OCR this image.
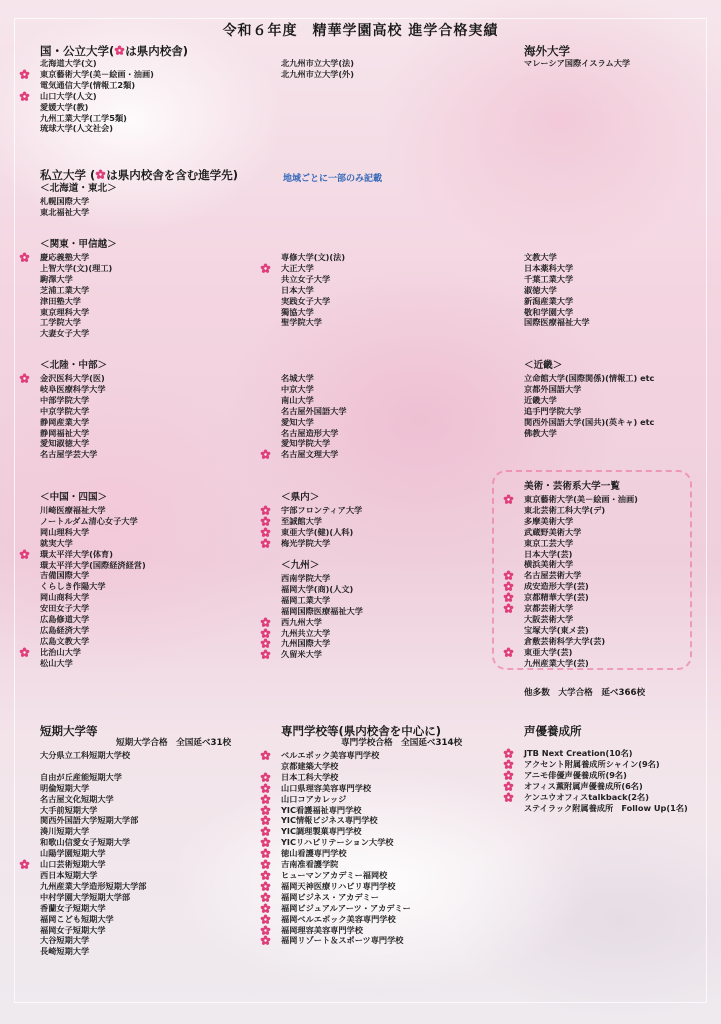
令和６年度　精華学園高校 進学合格実績
国・公立大学( は県内校舎)
北海道大学(文)
東京藝術大学(美－絵画・油画)
電気通信大学(情報工2類)
山口大学(人文)
愛媛大学(教)
九州工業大学(工学5類)
琉球大学(人文社会)
北九州市立大学(法)
北九州市立大学(外)
海外大学
マレーシア国際イスラム大学
私立大学 ( は県内校舎を含む進学先)	地域ごとに一部のみ記載
＜北海道・東北＞
札幌国際大学
東北福祉大学
＜関東・甲信越＞
慶応義塾大学
上智大学(文)(理工)
駒澤大学
芝浦工業大学
津田塾大学
東京理科大学
工学院大学
大妻女子大学
専修大学(文)(法)
大正大学
共立女子大学
日本大学
実践女子大学
獨協大学
聖学院大学
文教大学
日本薬科大学
千葉工業大学
淑徳大学
新潟産業大学
敬和学園大学
国際医療福祉大学
＜北陸・中部＞
金沢医科大学(医)
岐阜医療科学大学
中部学院大学
中京学院大学
静岡産業大学
静岡福祉大学
愛知淑徳大学
名古屋学芸大学
名城大学
中京大学
南山大学
名古屋外国語大学
愛知大学
名古屋造形大学
愛知学院大学
名古屋文理大学
＜近畿＞
立命館大学(国際関係)(情報工) etc
京都外国語大学
近畿大学
追手門学院大学
関西外国語大学(国共)(英キャ) etc
佛教大学
＜中国・四国＞
川崎医療福祉大学
ノートルダム清心女子大学
岡山理科大学
就実大学
環太平洋大学(体育)
環太平洋大学(国際経済経営)
吉備国際大学
くらしき作陽大学
岡山商科大学
安田女子大学
広島修道大学
広島経済大学
広島文教大学
比治山大学
松山大学
＜県内＞
宇部フロンティア大学
至誠館大学
東亜大学(健)(人科)
梅光学院大学
＜九州＞
西南学院大学
福岡大学(商)(人文)
福岡工業大学
福岡国際医療福祉大学
西九州大学
九州共立大学
九州国際大学
久留米大学
美術・芸術系大学一覧
東京藝術大学(美－絵画・油画)
東北芸術工科大学(デ)
多摩美術大学
武蔵野美術大学
東京工芸大学
日本大学(芸)
横浜美術大学
名古屋芸術大学
成安造形大学(芸)
京都精華大学(芸)
京都芸術大学
大阪芸術大学
宝塚大学(東メ芸)
倉敷芸術科学大学(芸)
東亜大学(芸)
九州産業大学(芸)
他多数　大学合格　延べ366校
短期大学等
短期大学合格　全国延べ31校
大分県立工科短期大学校

自由が丘産能短期大学
明倫短期大学
名古屋文化短期大学
大手前短期大学
関西外国語大学短期大学部
湊川短期大学
和歌山信愛女子短期大学
山陽学園短期大学
山口芸術短期大学
西日本短期大学
九州産業大学造形短期大学部
中村学園大学短期大学部
香蘭女子短期大学
福岡こども短期大学
福岡女子短期大学
大谷短期大学
長崎短期大学
専門学校等(県内校舎を中心に)
専門学校合格　全国延べ314校
ベルエポック美容専門学校
京都建築大学校
日本工科大学校
山口県理容美容専門学校
山口コアカレッジ
YIC看護福祉専門学校
YIC情報ビジネス専門学校
YIC調理製菓専門学校
YICリハビリテーション大学校
徳山看護専門学校
吉南准看護学院
ヒューマンアカデミー福岡校
福岡天神医療リハビリ専門学校
福岡ビジネス・アカデミー
福岡ビジュアルアーツ・アカデミー
福岡ベルエポック美容専門学校
福岡理容美容専門学校
福岡リゾート＆スポーツ専門学校
声優養成所
JTB Next Creation(10名)
アクセント附属養成所シャイン(9名)
アニモ俳優声優養成所(9名)
オフィス薫附属声優養成所(6名)
ケンユウオフィスtalkback(2名)
ステイラック附属養成所　Follow Up(1名)
